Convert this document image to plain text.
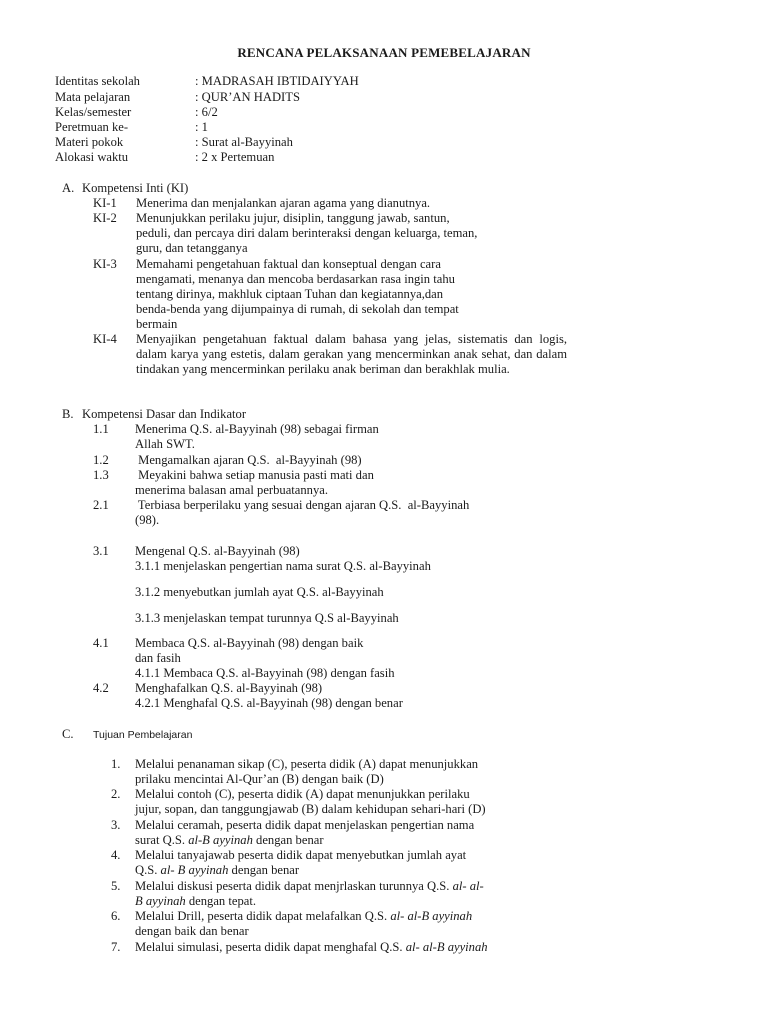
RENCANA PELAKSANAAN PEMEBELAJARAN
Identitas sekolah	: MADRASAH IBTIDAIYYAH
Mata pelajaran	: QUR’AN HADITS
Kelas/semester	: 6/2
Peretmuan ke-	: 1
Materi pokok	: Surat al-Bayyinah
Alokasi waktu	: 2 x Pertemuan
A. Kompetensi Inti (KI)
KI-1 Menerima dan menjalankan ajaran agama yang dianutnya.
KI-2 Menunjukkan perilaku jujur, disiplin, tanggung jawab, santun,
peduli, dan percaya diri dalam berinteraksi dengan keluarga, teman,
guru, dan tetangganya
KI-3 Memahami pengetahuan faktual dan konseptual dengan cara
mengamati, menanya dan mencoba berdasarkan rasa ingin tahu
tentang dirinya, makhluk ciptaan Tuhan dan kegiatannya,dan
benda-benda yang dijumpainya di rumah, di sekolah dan tempat
bermain
KI-4 Menyajikan pengetahuan faktual dalam bahasa yang jelas, sistematis dan logis, dalam karya yang estetis, dalam gerakan yang mencerminkan anak sehat, dan dalam tindakan yang mencerminkan perilaku anak beriman dan berakhlak mulia.
B. Kompetensi Dasar dan Indikator
1.1 Menerima Q.S. al-Bayyinah (98) sebagai firman
Allah SWT.
1.2 Mengamalkan ajaran Q.S.  al-Bayyinah (98)
1.3 Meyakini bahwa setiap manusia pasti mati dan
menerima balasan amal perbuatannya.
2.1 Terbiasa berperilaku yang sesuai dengan ajaran Q.S.  al-Bayyinah
(98).
3.1 Mengenal Q.S. al-Bayyinah (98)
3.1.1 menjelaskan pengertian nama surat Q.S. al-Bayyinah
3.1.2 menyebutkan jumlah ayat Q.S. al-Bayyinah
3.1.3 menjelaskan tempat turunnya Q.S al-Bayyinah
4.1 Membaca Q.S. al-Bayyinah (98) dengan baik
dan fasih
4.1.1 Membaca Q.S. al-Bayyinah (98) dengan fasih
4.2 Menghafalkan Q.S. al-Bayyinah (98)
4.2.1 Menghafal Q.S. al-Bayyinah (98) dengan benar
C. Tujuan Pembelajaran
1. Melalui penanaman sikap (C), peserta didik (A) dapat menunjukkan
prilaku mencintai Al-Qur’an (B) dengan baik (D)
2. Melalui contoh (C), peserta didik (A) dapat menunjukkan perilaku
jujur, sopan, dan tanggungjawab (B) dalam kehidupan sehari-hari (D)
3. Melalui ceramah, peserta didik dapat menjelaskan pengertian nama
surat Q.S. al-B ayyinah dengan benar
4. Melalui tanyajawab peserta didik dapat menyebutkan jumlah ayat
Q.S. al- B ayyinah dengan benar
5. Melalui diskusi peserta didik dapat menjrlaskan turunnya Q.S. al- al-
B ayyinah dengan tepat.
6. Melalui Drill, peserta didik dapat melafalkan Q.S. al- al-B ayyinah
dengan baik dan benar
7. Melalui simulasi, peserta didik dapat menghafal Q.S. al- al-B ayyinah
